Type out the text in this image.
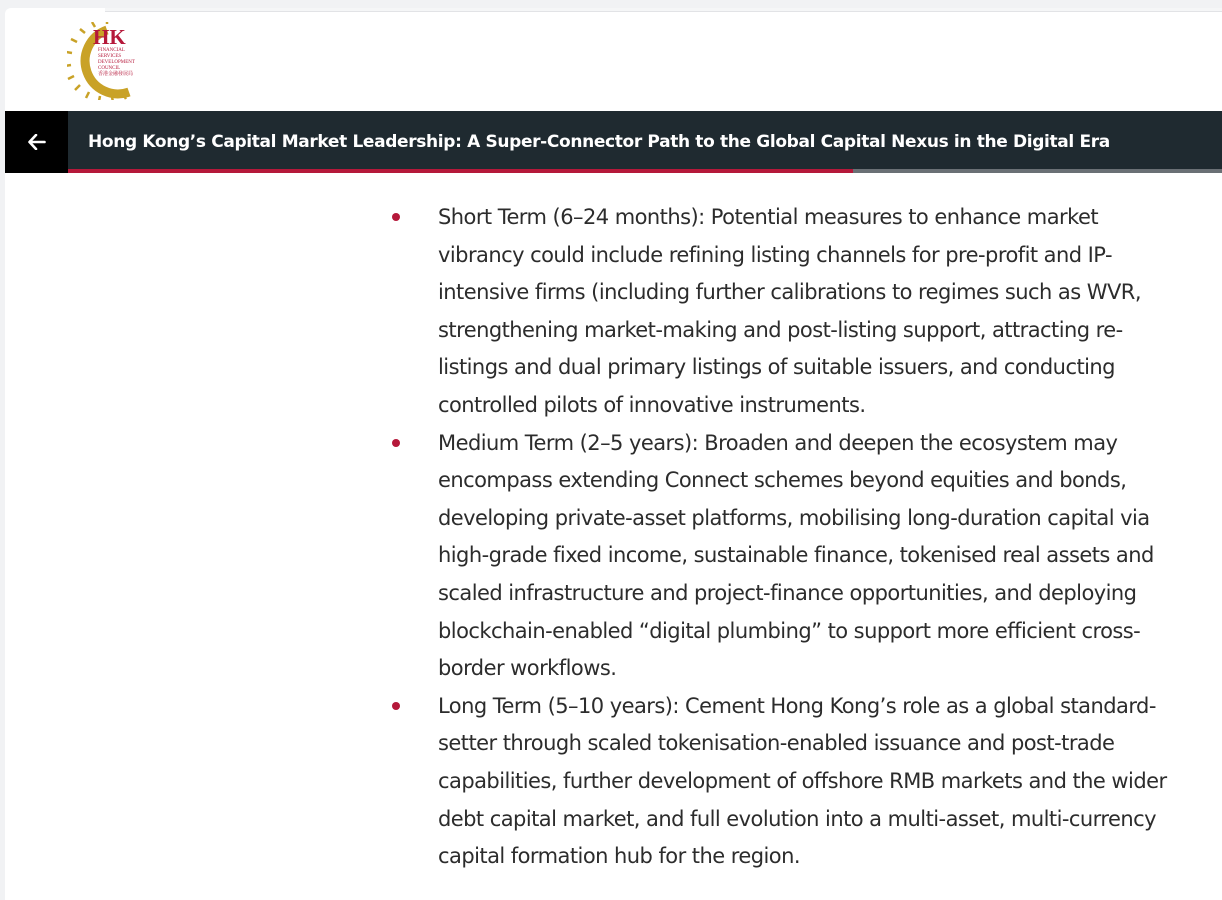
HK
FINANCIAL
SERVICES
DEVELOPMENT
COUNCIL
香港金融發展局
Hong Kong’s Capital Market Leadership: A Super-Connector Path to the Global Capital Nexus in the Digital Era
Short Term (6–24 months): Potential measures to enhance market vibrancy could include refining listing channels for pre-profit and IP-intensive firms (including further calibrations to regimes such as WVR, strengthening market-making and post-listing support, attracting re-listings and dual primary listings of suitable issuers, and conducting controlled pilots of innovative instruments.
Medium Term (2–5 years): Broaden and deepen the ecosystem may encompass extending Connect schemes beyond equities and bonds, developing private-asset platforms, mobilising long-duration capital via high-grade fixed income, sustainable finance, tokenised real assets and scaled infrastructure and project-finance opportunities, and deploying blockchain-enabled “digital plumbing” to support more efficient cross-border workflows.
Long Term (5–10 years): Cement Hong Kong’s role as a global standard-setter through scaled tokenisation-enabled issuance and post-trade capabilities, further development of offshore RMB markets and the wider debt capital market, and full evolution into a multi-asset, multi-currency capital formation hub for the region.
